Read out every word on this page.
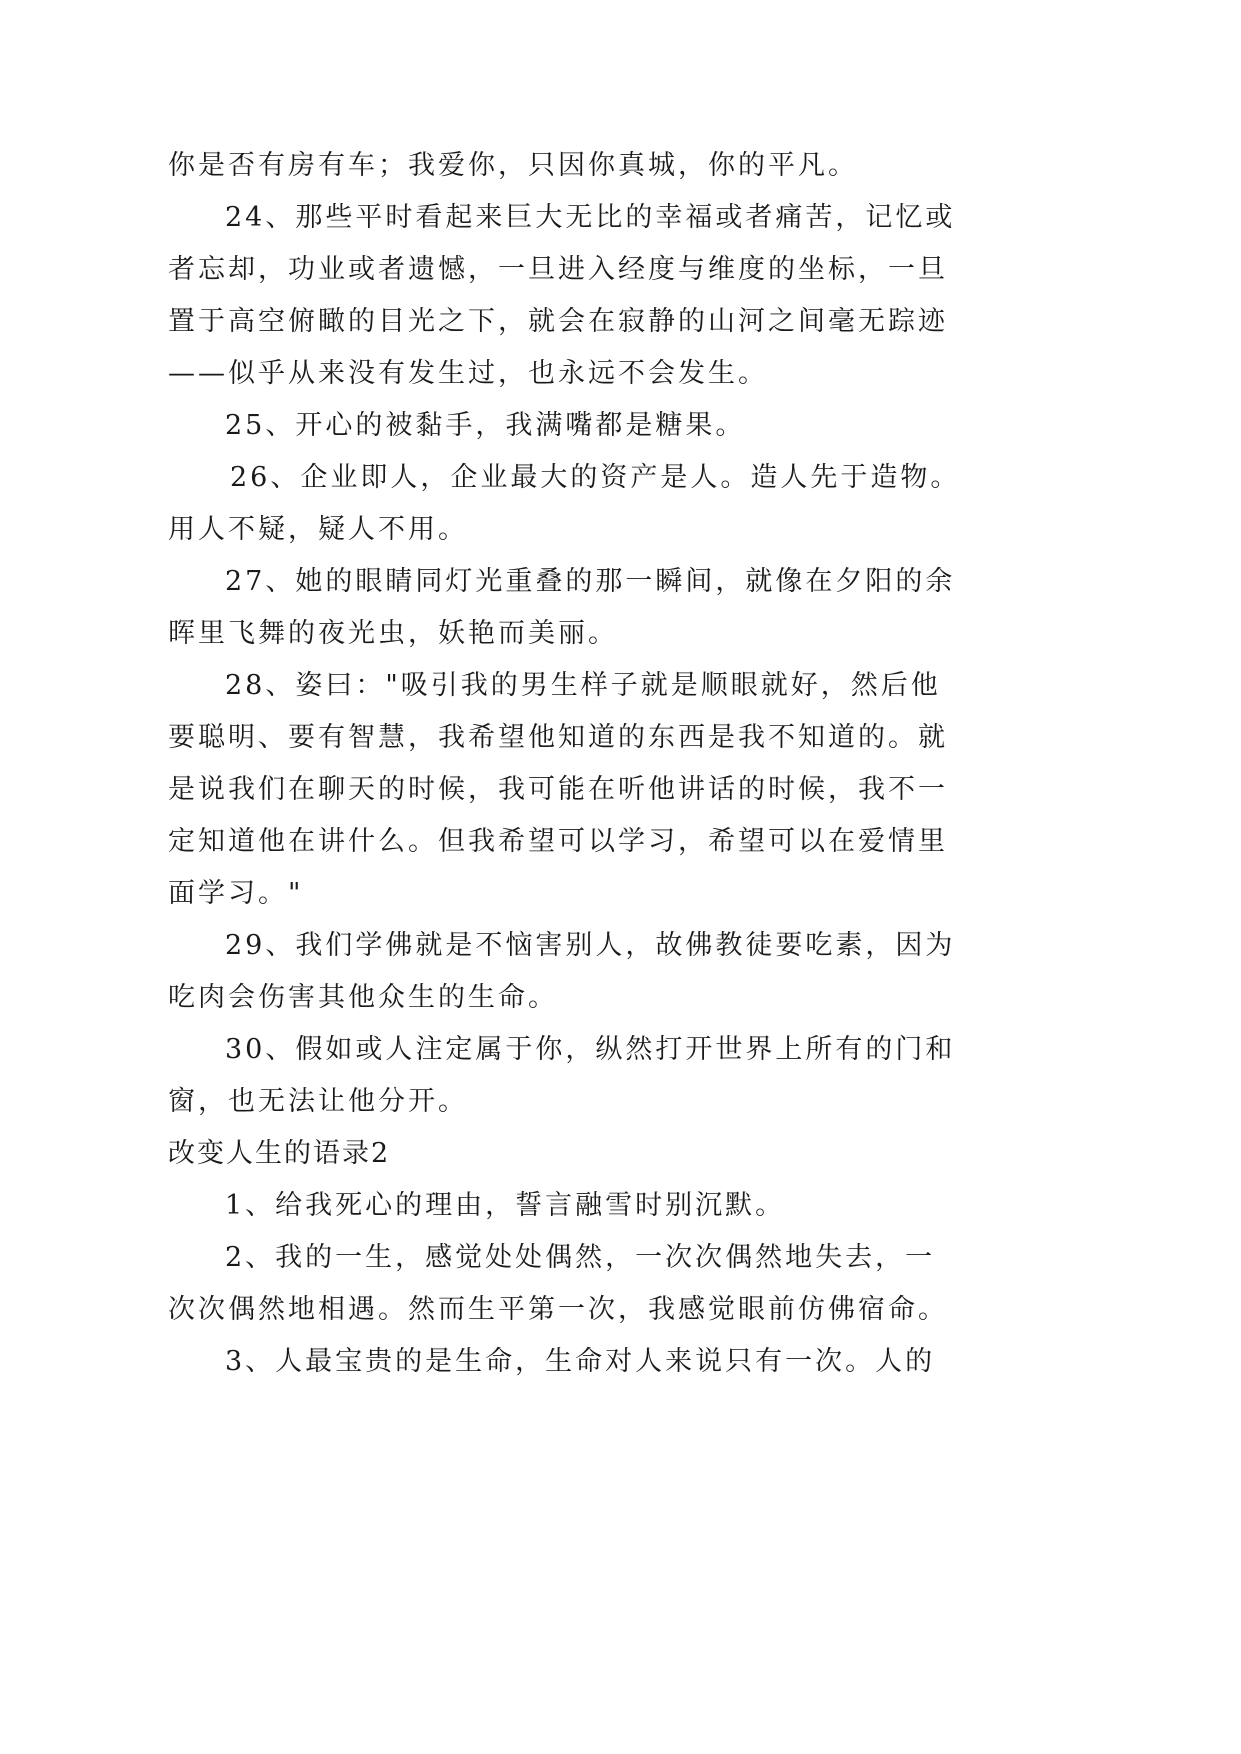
你是否有房有车；我爱你，只因你真城，你的平凡。
24、那些平时看起来巨大无比的幸福或者痛苦，记忆或
者忘却，功业或者遗憾，一旦进入经度与维度的坐标，一旦
置于高空俯瞰的目光之下，就会在寂静的山河之间毫无踪迹
——似乎从来没有发生过，也永远不会发生。
25、开心的被黏手，我满嘴都是糖果。
26、企业即人，企业最大的资产是人。造人先于造物。
用人不疑，疑人不用。
27、她的眼睛同灯光重叠的那一瞬间，就像在夕阳的余
晖里飞舞的夜光虫，妖艳而美丽。
28、姿曰："吸引我的男生样子就是顺眼就好，然后他
要聪明、要有智慧，我希望他知道的东西是我不知道的。就
是说我们在聊天的时候，我可能在听他讲话的时候，我不一
定知道他在讲什么。但我希望可以学习，希望可以在爱情里
面学习。"
29、我们学佛就是不恼害别人，故佛教徒要吃素，因为
吃肉会伤害其他众生的生命。
30、假如或人注定属于你，纵然打开世界上所有的门和
窗，也无法让他分开。
改变人生的语录2
1、给我死心的理由，誓言融雪时别沉默。
2、我的一生，感觉处处偶然，一次次偶然地失去，一
次次偶然地相遇。然而生平第一次，我感觉眼前仿佛宿命。
3、人最宝贵的是生命，生命对人来说只有一次。人的
